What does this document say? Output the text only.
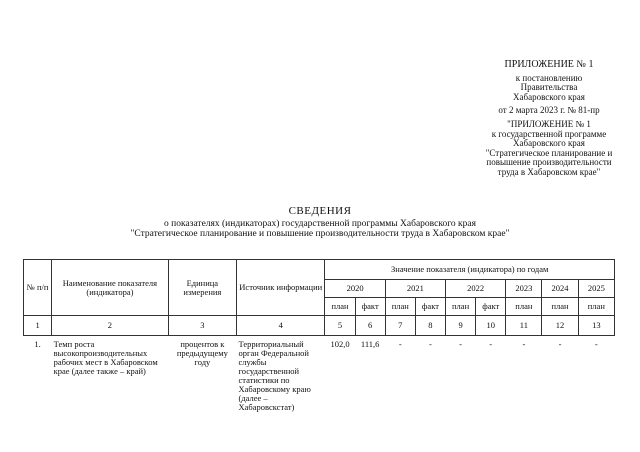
ПРИЛОЖЕНИЕ № 1
к постановлению
Правительства
Хабаровского края
от 2 марта 2023 г. № 81-пр
"ПРИЛОЖЕНИЕ № 1
к государственной программе
Хабаровского края
"Стратегическое планирование и
повышение производительности
труда в Хабаровском крае"
СВЕДЕНИЯ
о показателях (индикаторах) государственной программы Хабаровского края
"Стратегическое планирование и повышение производительности труда в Хабаровском крае"
№ п/п	Наименование показателя (индикатора)	Единица измерения	Источник информации	Значение показателя (индикатора) по годам								
				2020		2021		2022		2023	2024	2025
				план	факт	план	факт	план	факт	план	план	план
1	2	3	4	5	6	7	8	9	10	11	12	13
1.	Темп роста высокопроизводительных рабочих мест в Хабаровском крае (далее также – край)	процентов к предыдущему году	Территориальный орган Федеральной службы государственной статистики по Хабаровскому краю (далее – Хабаровскстат)	102,0	111,6	-	-	-	-	-	-	-
